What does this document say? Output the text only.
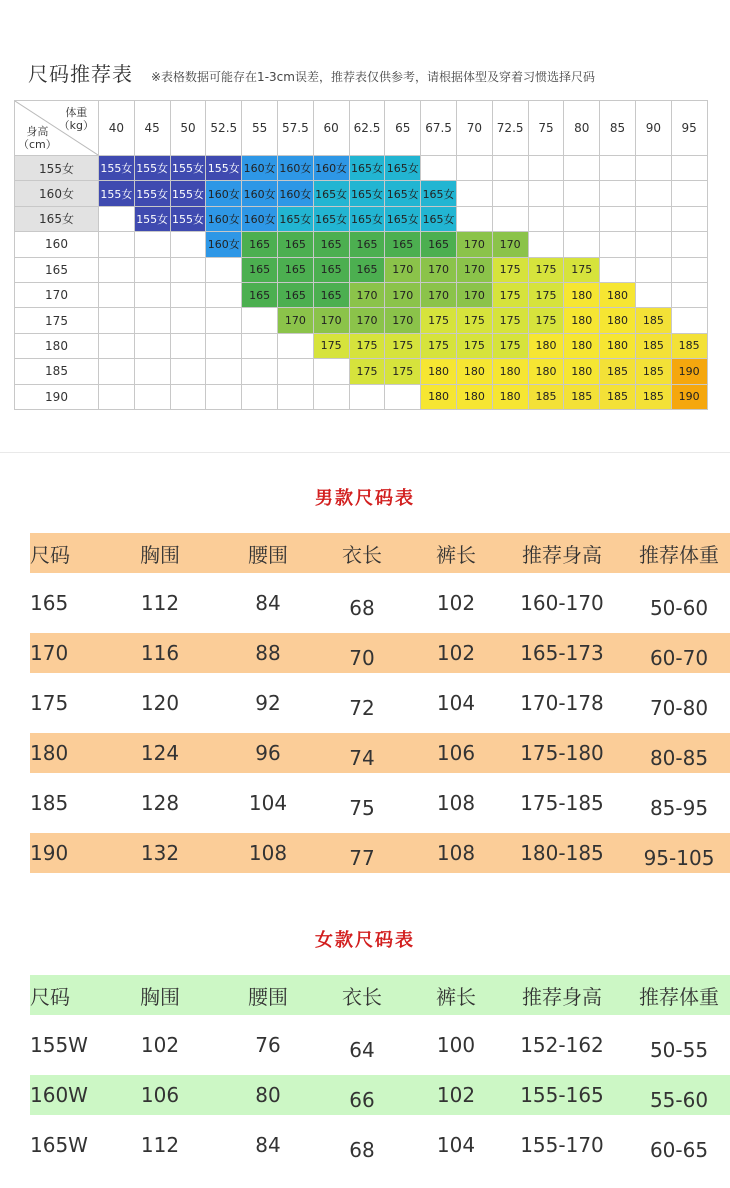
尺码推荐表 ※表格数据可能存在1-3cm误差，推荐表仅供参考，请根据体型及穿着习惯选择尺码
体重
（kg）
身高
（cm）	40	45	50	52.5	55	57.5	60	62.5	65	67.5	70	72.5	75	80	85	90	95
155女	155女	155女	155女	155女	160女	160女	160女	165女	165女								
160女	155女	155女	155女	160女	160女	160女	165女	165女	165女	165女							
165女		155女	155女	160女	160女	165女	165女	165女	165女	165女							
160				160女	165	165	165	165	165	165	170	170					
165					165	165	165	165	170	170	170	175	175	175			
170					165	165	165	170	170	170	170	175	175	180	180		
175						170	170	170	170	175	175	175	175	180	180	185	
180							175	175	175	175	175	175	180	180	180	185	185
185								175	175	180	180	180	180	180	185	185	190
190										180	180	180	185	185	185	185	190
男款尺码表
尺码	胸围	腰围	衣长	裤长	推荐身高	推荐体重
165	112	84	68	102	160-170	50-60
170	116	88	70	102	165-173	60-70
175	120	92	72	104	170-178	70-80
180	124	96	74	106	175-180	80-85
185	128	104	75	108	175-185	85-95
190	132	108	77	108	180-185	95-105
女款尺码表
尺码	胸围	腰围	衣长	裤长	推荐身高	推荐体重
155W	102	76	64	100	152-162	50-55
160W	106	80	66	102	155-165	55-60
165W	112	84	68	104	155-170	60-65
